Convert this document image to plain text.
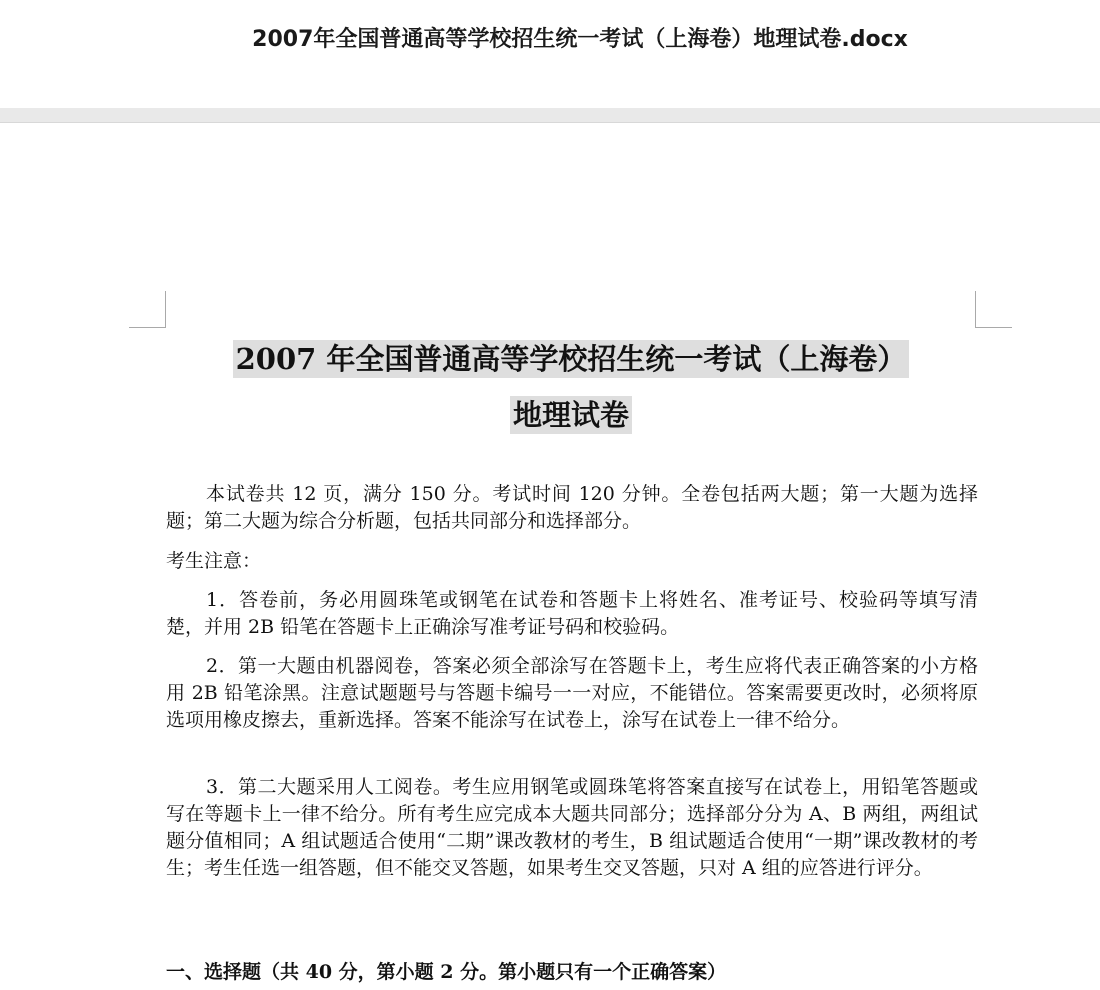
2007年全国普通高等学校招生统一考试（上海卷）地理试卷.docx
2007 年全国普通高等学校招生统一考试（上海卷）
地理试卷
本试卷共 12 页，满分 150 分。考试时间 120 分钟。全卷包括两大题；第一大题为选择题；第二大题为综合分析题，包括共同部分和选择部分。
考生注意：
1．答卷前，务必用圆珠笔或钢笔在试卷和答题卡上将姓名、准考证号、校验码等填写清楚，并用 2B 铅笔在答题卡上正确涂写准考证号码和校验码。
2．第一大题由机器阅卷，答案必须全部涂写在答题卡上，考生应将代表正确答案的小方格用 2B 铅笔涂黑。注意试题题号与答题卡编号一一对应，不能错位。答案需要更改时，必须将原选项用橡皮擦去，重新选择。答案不能涂写在试卷上，涂写在试卷上一律不给分。
3．第二大题采用人工阅卷。考生应用钢笔或圆珠笔将答案直接写在试卷上，用铅笔答题或写在等题卡上一律不给分。所有考生应完成本大题共同部分；选择部分分为 A、B 两组，两组试题分值相同；A 组试题适合使用“二期”课改教材的考生，B 组试题适合使用“一期”课改教材的考生；考生任选一组答题，但不能交叉答题，如果考生交叉答题，只对 A 组的应答进行评分。
一、选择题（共 40 分，第小题 2 分。第小题只有一个正确答案）
